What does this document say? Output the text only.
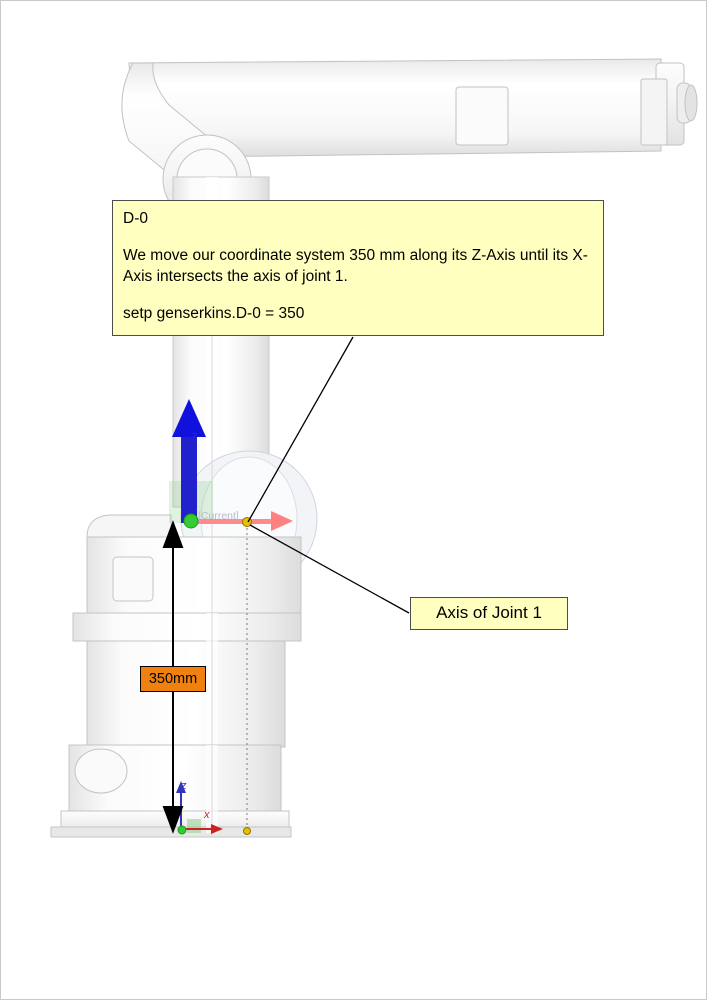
D-0

We move our coordinate system 350 mm along its Z-Axis until its X-Axis intersects the axis of joint 1.

setp genserkins.D-0 = 350

Axis of Joint 1
350mm
z
z
x
[Current]
